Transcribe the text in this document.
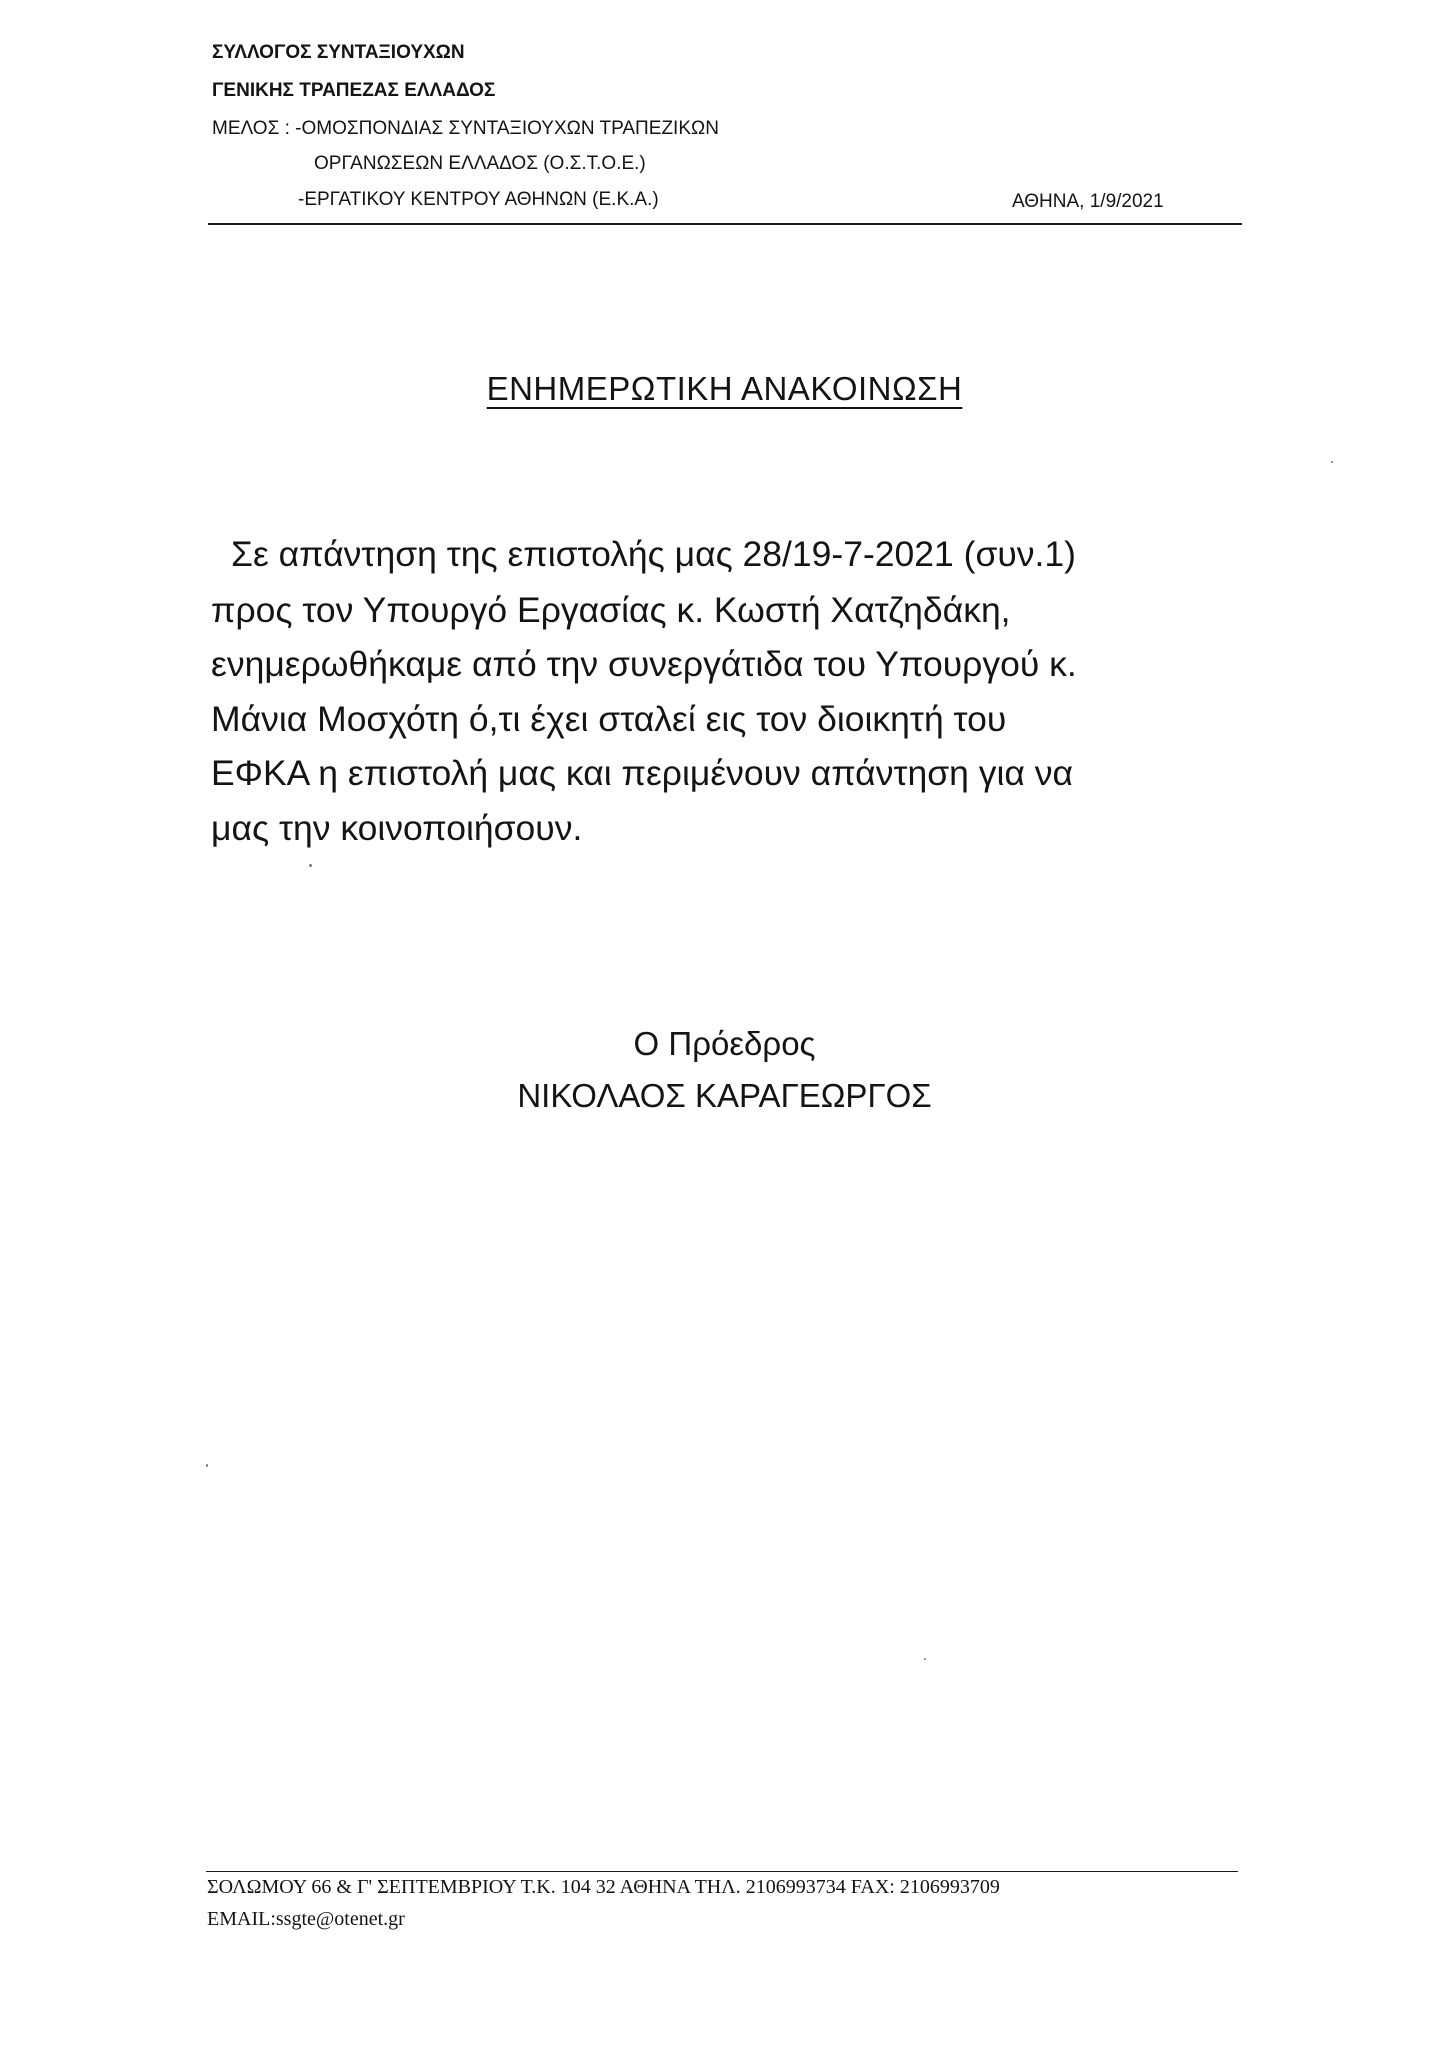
ΣΥΛΛΟΓΟΣ ΣΥΝΤΑΞΙΟΥΧΩΝ
ΓΕΝΙΚΗΣ ΤΡΑΠΕΖΑΣ ΕΛΛΑΔΟΣ
ΜΕΛΟΣ : -ΟΜΟΣΠΟΝΔΙΑΣ ΣΥΝΤΑΞΙΟΥΧΩΝ ΤΡΑΠΕΖΙΚΩΝ
ΟΡΓΑΝΩΣΕΩΝ ΕΛΛΑΔΟΣ (Ο.Σ.Τ.Ο.Ε.)
-ΕΡΓΑΤΙΚΟΥ ΚΕΝΤΡΟΥ ΑΘΗΝΩΝ (Ε.Κ.Α.)	ΑΘΗΝΑ, 1/9/2021
ΕΝΗΜΕΡΩΤΙΚΗ ΑΝΑΚΟΙΝΩΣΗ
Σε απάντηση της επιστολής μας 28/19-7-2021 (συν.1)
προς τον Υπουργό Εργασίας κ. Κωστή Χατζηδάκη,
ενημερωθήκαμε από την συνεργάτιδα του Υπουργού κ.
Μάνια Μοσχότη ό,τι έχει σταλεί εις τον διοικητή του
ΕΦΚΑ η επιστολή μας και περιμένουν απάντηση για να
μας την κοινοποιήσουν.
Ο Πρόεδρος
ΝΙΚΟΛΑΟΣ ΚΑΡΑΓΕΩΡΓΟΣ
ΣΟΛΩΜΟΥ 66 & Γ' ΣΕΠΤΕΜΒΡΙΟΥ Τ.Κ. 104 32 ΑΘΗΝΑ ΤΗΛ. 2106993734 FAX: 2106993709
EMAIL:ssgte@otenet.gr
